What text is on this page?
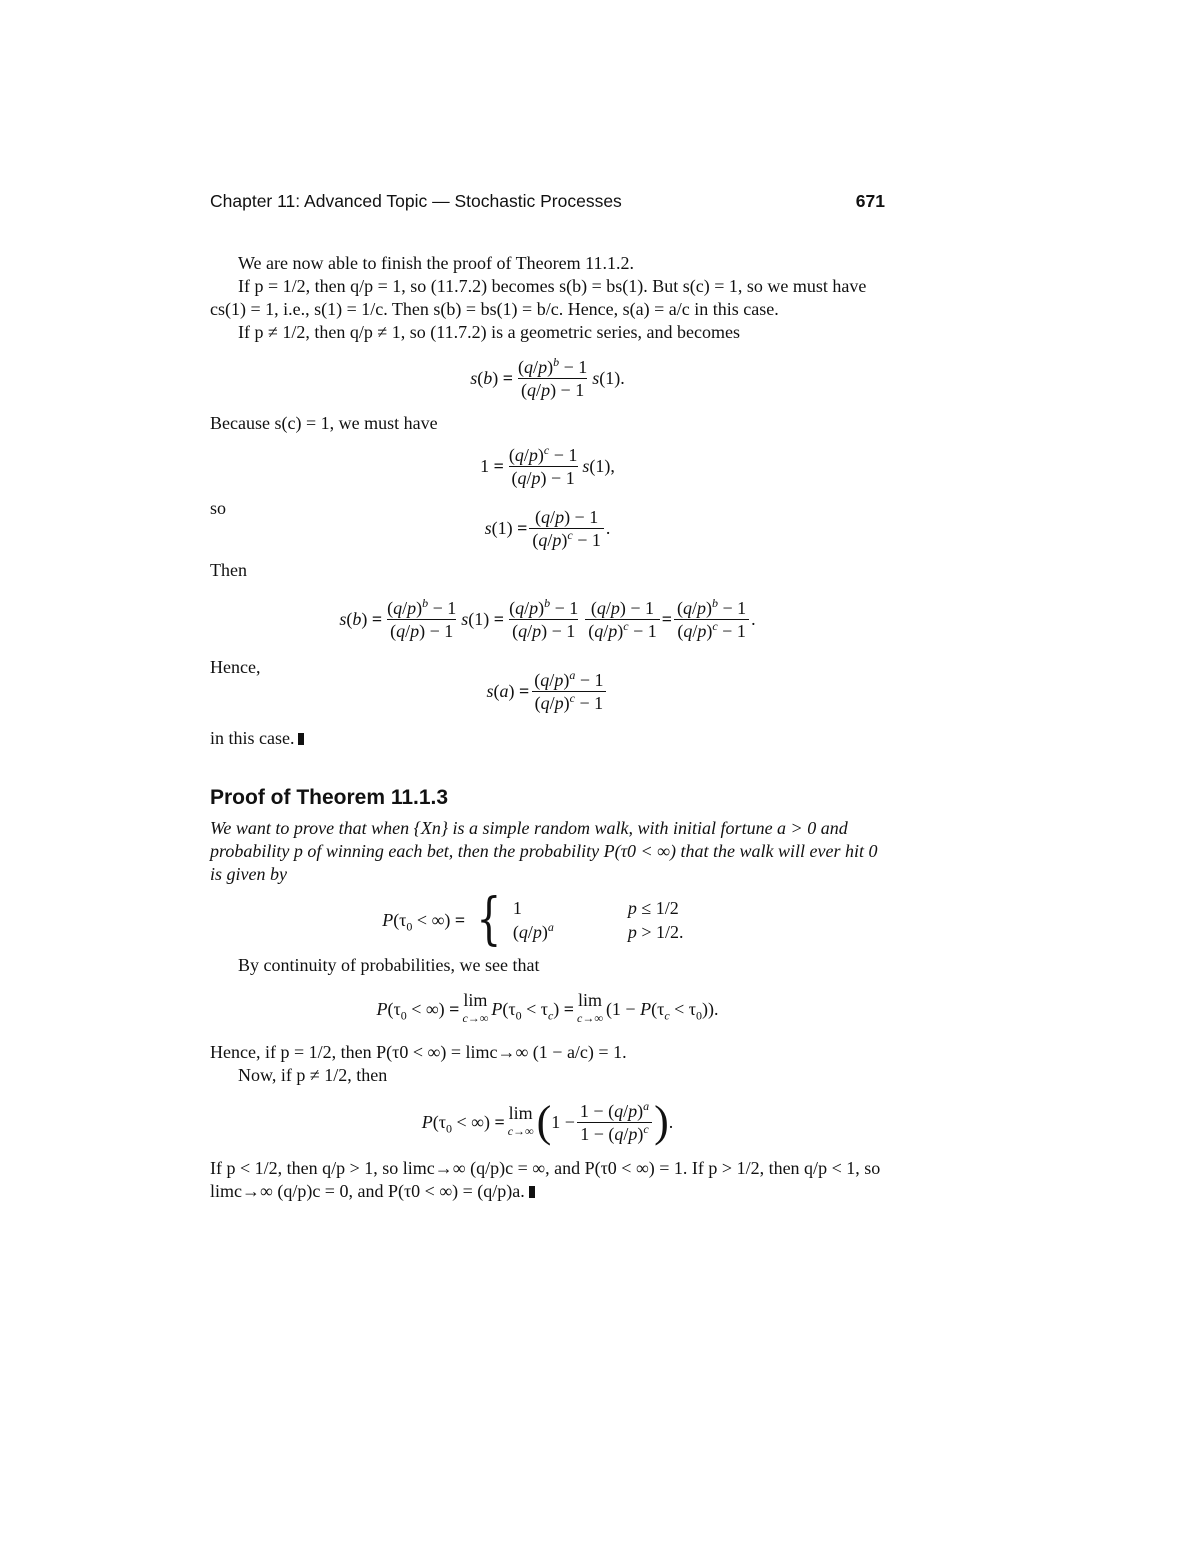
Chapter 11: Advanced Topic — Stochastic Processes	671

We are now able to finish the proof of Theorem 11.1.2.

If p = 1/2, then q/p = 1, so (11.7.2) becomes s(b) = bs(1). But s(c) = 1, so we must have cs(1) = 1, i.e., s(1) = 1/c. Then s(b) = bs(1) = b/c. Hence, s(a) = a/c in this case.

If p ≠ 1/2, then q/p ≠ 1, so (11.7.2) is a geometric series, and becomes

$s(b) = \frac{(q/p)^b - 1}{(q/p) - 1} s(1)$.

Because s(c) = 1, we must have

$1 = \frac{(q/p)^c - 1}{(q/p) - 1} s(1)$,
so
$s(1) = \frac{(q/p) - 1}{(q/p)^c - 1}$ .

Then

$s(b) = \frac{(q/p)^b - 1}{(q/p) - 1} s(1) = \frac{(q/p)^b - 1}{(q/p) - 1} \frac{(q/p) - 1}{(q/p)^c - 1} = \frac{(q/p)^b - 1}{(q/p)^c - 1}$ .

Hence,

$s(a) = \frac{(q/p)^a - 1}{(q/p)^c - 1}$

in this case.

Proof of Theorem 11.1.3

We want to prove that when {Xn} is a simple random walk, with initial fortune a > 0 and probability p of winning each bet, then the probability P(τ0 < ∞) that the walk will ever hit 0 is given by

$P(\tau_0$ < ∞) = { 1	p ≤ 1/2
$(q/p)^a$	p > 1/2.

By continuity of probabilities, we see that

$P(\tau_0$ < ∞) = lim
c→∞ $P(\tau_0 < \tau_c) = \lim$
c→∞ $(1 - P(\tau_c < \tau_0))$.

Hence, if p = 1/2, then P(τ0 < ∞) = limc→∞ (1 − a/c) = 1.

Now, if p ≠ 1/2, then

$P(\tau_0$ < ∞) = lim
c→∞ ( $1 - \frac{1 - (q/p)^a}{1 - (q/p)^c}$ ) .

If p < 1/2, then q/p > 1, so limc→∞ (q/p)c = ∞, and P(τ0 < ∞) = 1. If p > 1/2, then q/p < 1, so limc→∞ (q/p)c = 0, and P(τ0 < ∞) = (q/p)a.
